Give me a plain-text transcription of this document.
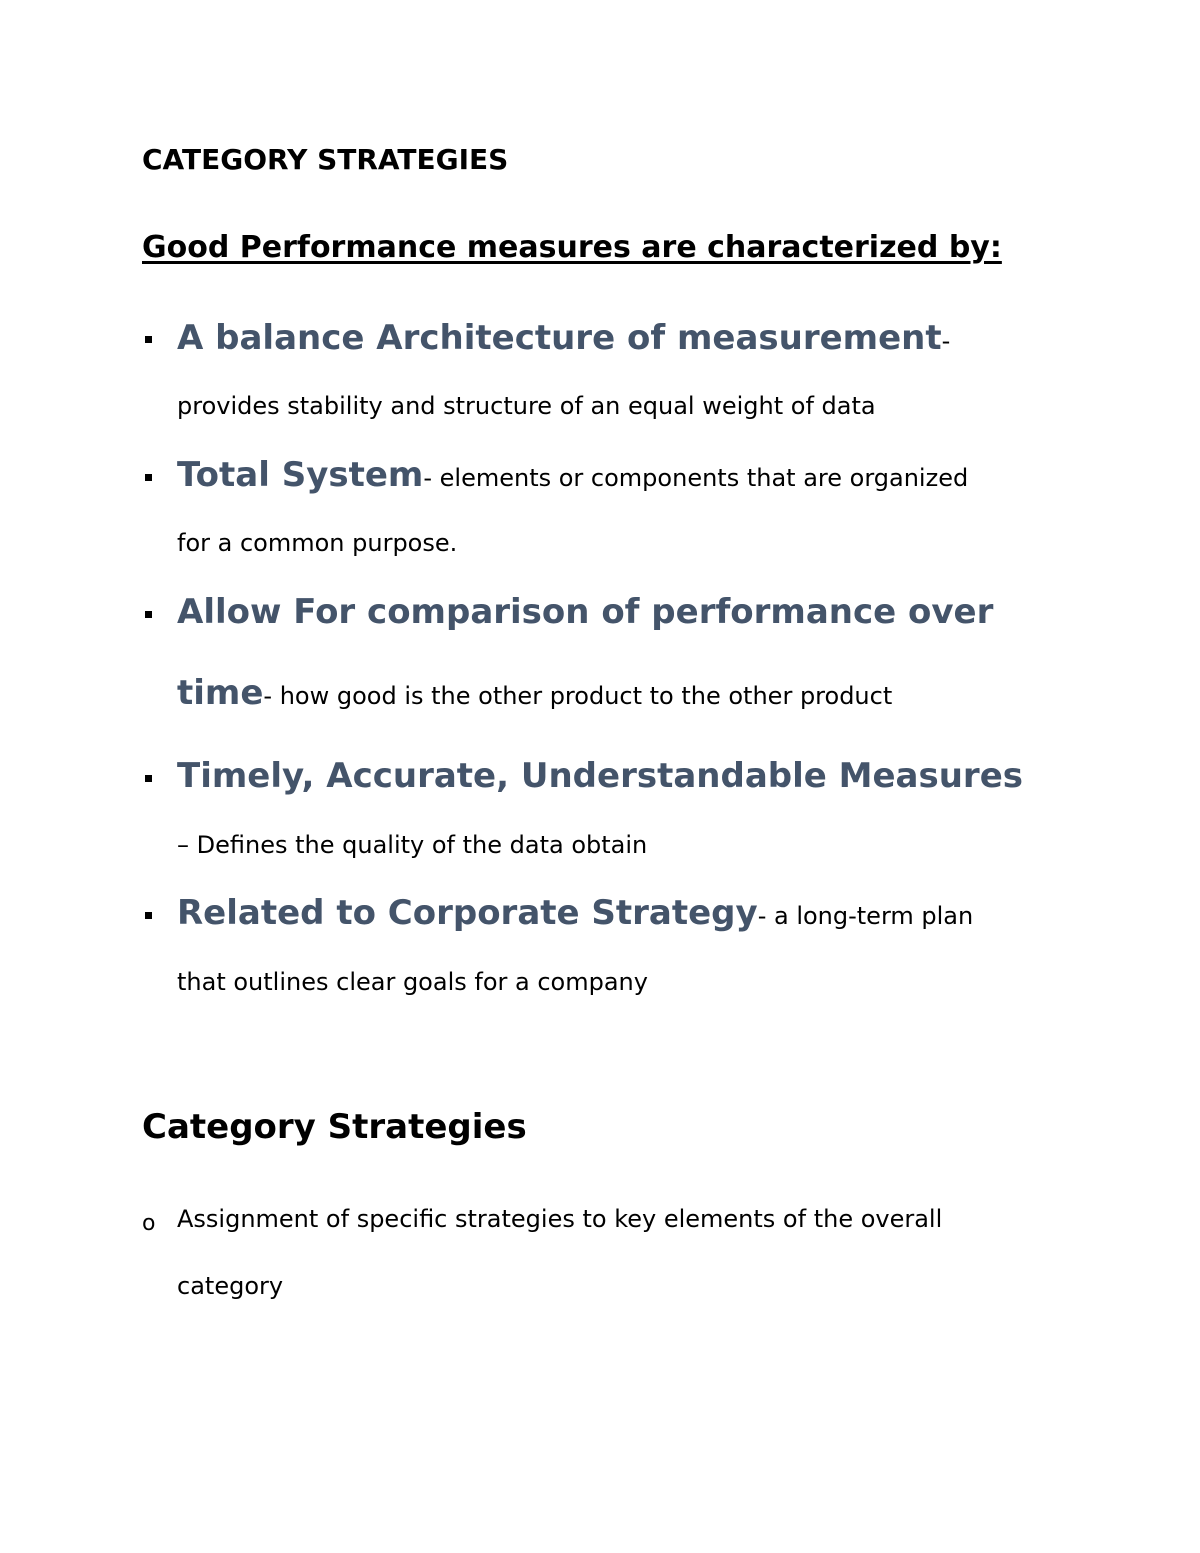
CATEGORY STRATEGIES
Good Performance measures are characterized by:

A balance Architecture of measurement-

provides stability and structure of an equal weight of data

Total System- elements or components that are organized

for a common purpose.

Allow For comparison of performance over

time- how good is the other product to the other product

Timely, Accurate, Understandable Measures

– Defines the quality of the data obtain

Related to Corporate Strategy- a long-term plan

that outlines clear goals for a company

Category Strategies
o Assignment of specific strategies to key elements of the overall

category
